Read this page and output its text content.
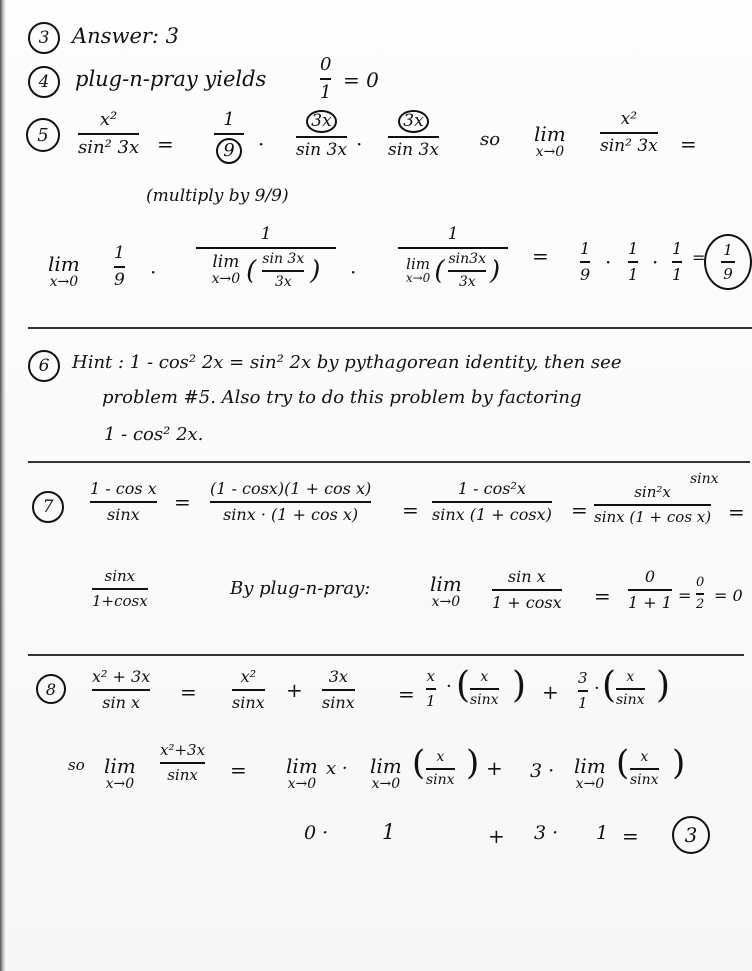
3	Answer: 3
4	plug-n-pray yields
0
1
= 0
5
x²
sin² $3x = \frac{1}{9} \cdot \frac{3x}{\sin 3x} \cdot \frac{3x}{\sin 3x}$ so lim
x→0
x²
sin² 3x =
(multiply by 9/9)
lim
x→0
1
9 ·
1
lim
x→0 ( $\frac{\sin 3x}{3x}$ ) ·
1
lim
x→0 ( $\frac{\sin 3x}{3x}$ ) = 1
9
·
1
1
·
1
1
= 1
9
6	Hint : 1 - cos² 2x = sin² 2x by pythagorean identity, then see
problem #5. Also try to do this problem by factoring
1 - cos² 2x.
7
1 - cos x
sinx
=
(1 - cosx)(1 + cos x)
sinx · (1 + cos x) =
1 - cos²x
sinx (1 + cosx) =
sinx
sin²x
sinx (1 + cos x) =
sinx
1+cosx
By plug-n-pray:	lim
x→0
sin x
1 + cosx =
0
1 + 1 =
0
2 = 0
8
x² + 3x
sin x =
x²
sinx
+
3x
sinx =
x
1
· ( x
sinx ) +
3
1
· ( x
sinx )
so lim
x→0
x²+3x
sinx = lim
x→0
x · lim
x→0
( x
sinx ) + 3 · lim
x→0
( x
sinx )
0 ·	1	+ 3 · 1 =	3
